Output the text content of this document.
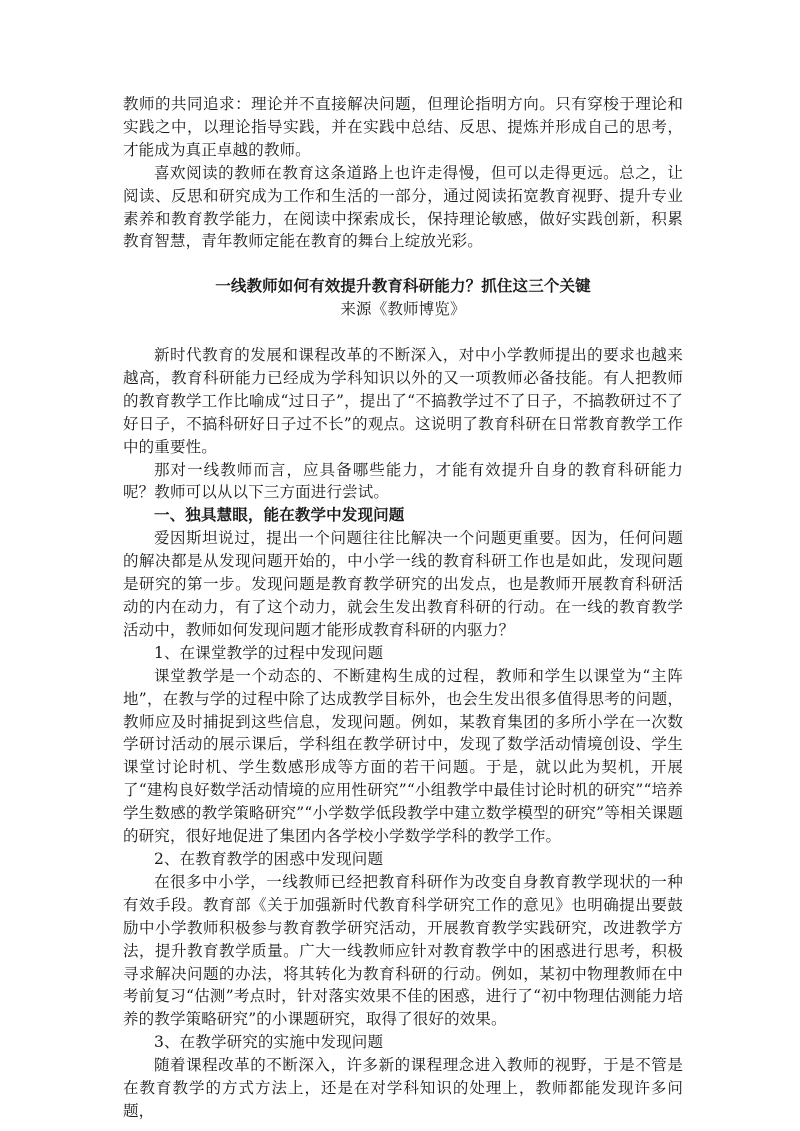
教师的共同追求：理论并不直接解决问题，但理论指明方向。只有穿梭于理论和实践之中，以理论指导实践，并在实践中总结、反思、提炼并形成自己的思考，才能成为真正卓越的教师。

喜欢阅读的教师在教育这条道路上也许走得慢，但可以走得更远。总之，让阅读、反思和研究成为工作和生活的一部分，通过阅读拓宽教育视野、提升专业素养和教育教学能力，在阅读中探索成长，保持理论敏感，做好实践创新，积累教育智慧，青年教师定能在教育的舞台上绽放光彩。

一线教师如何有效提升教育科研能力？抓住这三个关键

来源《教师博览》

新时代教育的发展和课程改革的不断深入，对中小学教师提出的要求也越来越高，教育科研能力已经成为学科知识以外的又一项教师必备技能。有人把教师的教育教学工作比喻成“过日子”，提出了“不搞教学过不了日子，不搞教研过不了好日子，不搞科研好日子过不长”的观点。这说明了教育科研在日常教育教学工作中的重要性。

那对一线教师而言，应具备哪些能力，才能有效提升自身的教育科研能力呢？教师可以从以下三方面进行尝试。

一、独具慧眼，能在教学中发现问题

爱因斯坦说过，提出一个问题往往比解决一个问题更重要。因为，任何问题的解决都是从发现问题开始的，中小学一线的教育科研工作也是如此，发现问题是研究的第一步。发现问题是教育教学研究的出发点，也是教师开展教育科研活动的内在动力，有了这个动力，就会生发出教育科研的行动。在一线的教育教学活动中，教师如何发现问题才能形成教育科研的内驱力？

1、在课堂教学的过程中发现问题

课堂教学是一个动态的、不断建构生成的过程，教师和学生以课堂为“主阵地”，在教与学的过程中除了达成教学目标外，也会生发出很多值得思考的问题，教师应及时捕捉到这些信息，发现问题。例如，某教育集团的多所小学在一次数学研讨活动的展示课后，学科组在教学研讨中，发现了数学活动情境创设、学生课堂讨论时机、学生数感形成等方面的若干问题。于是，就以此为契机，开展了“建构良好数学活动情境的应用性研究”“小组教学中最佳讨论时机的研究”“培养学生数感的教学策略研究”“小学数学低段教学中建立数学模型的研究”等相关课题的研究，很好地促进了集团内各学校小学数学学科的教学工作。

2、在教育教学的困惑中发现问题

在很多中小学，一线教师已经把教育科研作为改变自身教育教学现状的一种有效手段。教育部《关于加强新时代教育科学研究工作的意见》也明确提出要鼓励中小学教师积极参与教育教学研究活动，开展教育教学实践研究，改进教学方法，提升教育教学质量。广大一线教师应针对教育教学中的困惑进行思考，积极寻求解决问题的办法，将其转化为教育科研的行动。例如，某初中物理教师在中考前复习“估测”考点时，针对落实效果不佳的困惑，进行了“初中物理估测能力培养的教学策略研究”的小课题研究，取得了很好的效果。

3、在教学研究的实施中发现问题

随着课程改革的不断深入，许多新的课程理念进入教师的视野，于是不管是在教育教学的方式方法上，还是在对学科知识的处理上，教师都能发现许多问题，
